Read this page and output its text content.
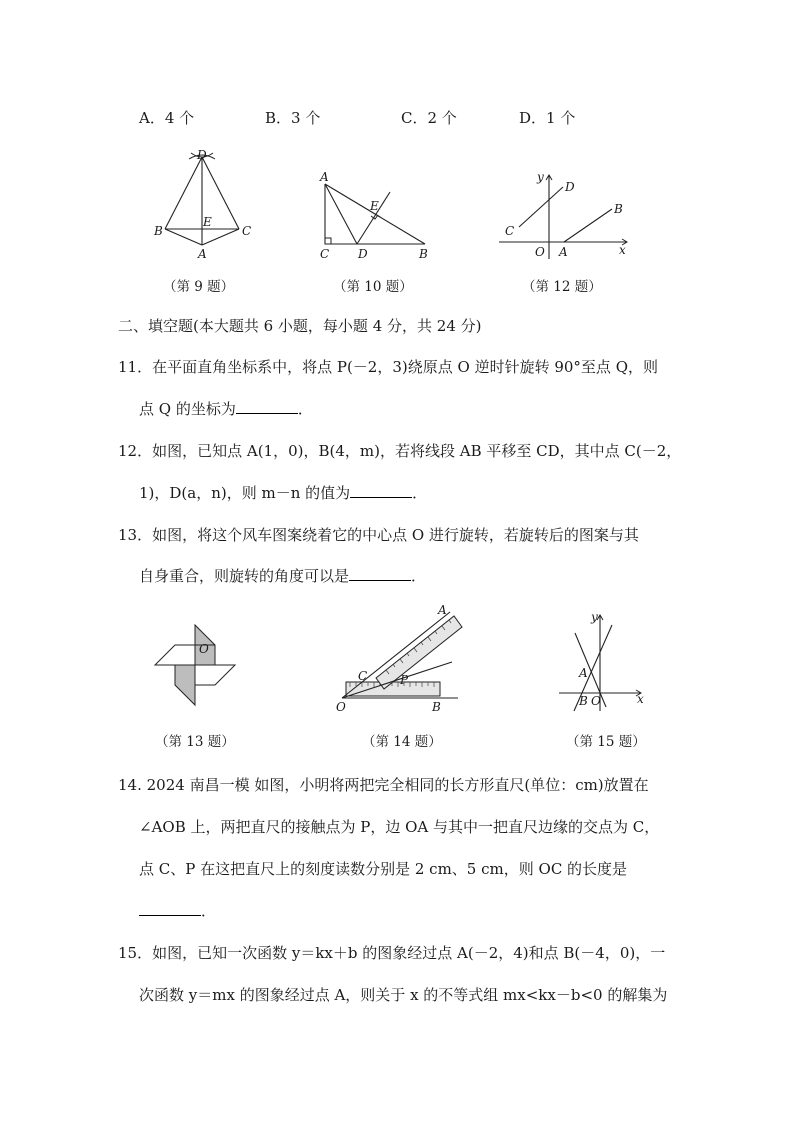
A．4 个	B．3 个	C．2 个	D．1 个
D
E
B	C
A
（第 9 题）
A
E
C D	B
（第 10 题）
y
D
B
C
O A	x
（第 12 题）
二、填空题(本大题共 6 小题，每小题 4 分，共 24 分)
11．在平面直角坐标系中，将点 P(－2，3)绕原点 O 逆时针旋转 90°至点 Q，则
点 Q 的坐标为	．
12．如图，已知点 A(1，0)，B(4，m)，若将线段 AB 平移至 CD，其中点 C(－2，
1)，D(a，n)，则 m－n 的值为	．
13．如图，将这个风车图案绕着它的中心点 O 进行旋转，若旋转后的图案与其
自身重合，则旋转的角度可以是	．
O
（第 13 题）
A
C	P
O	B
（第 14 题）
y
A
B O	x
（第 15 题）
14. 2024 南昌一模 如图，小明将两把完全相同的长方形直尺(单位：cm)放置在
∠AOB 上，两把直尺的接触点为 P，边 OA 与其中一把直尺边缘的交点为 C，
点 C、P 在这把直尺上的刻度读数分别是 2 cm、5 cm，则 OC 的长度是
．
15．如图，已知一次函数 y＝kx＋b 的图象经过点 A(－2，4)和点 B(－4，0)，一
次函数 y＝mx 的图象经过点 A，则关于 x 的不等式组 mx<kx－b<0 的解集为
